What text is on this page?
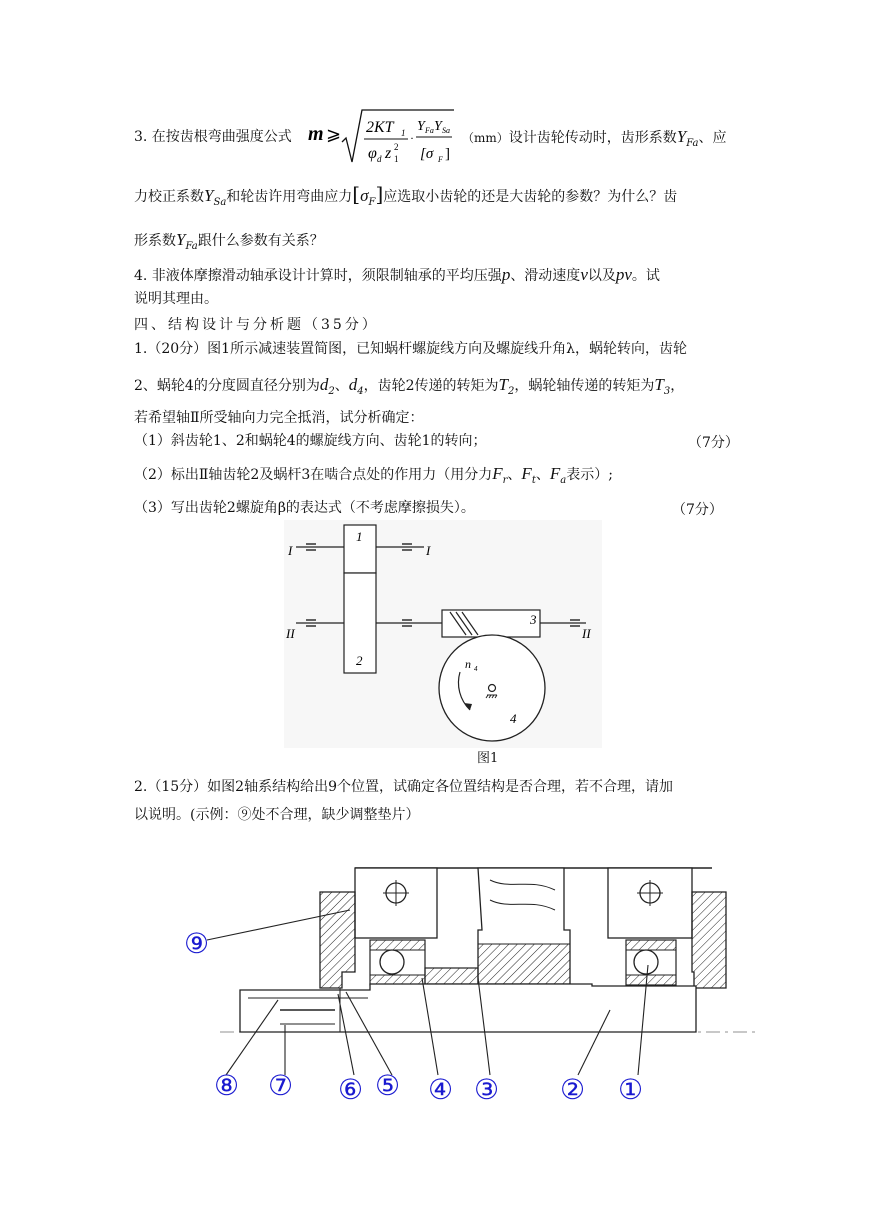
3. 在按齿根弯曲强度公式 m ⩾ 2KT 1
φ d z 2
1
·
Y Fa Y Sa
[σ F ]
（mm）设计齿轮传动时，齿形系数$Y_{Fa}$、应
力校正系数$Y_{Sa}$和轮齿许用弯曲应力$[\sigma_F]$应选取小齿轮的还是大齿轮的参数？为什么？齿
形系数$Y_{Fa}$跟什么参数有关系？
4. 非液体摩擦滑动轴承设计计算时，须限制轴承的平均压强p、滑动速度v以及pv。试
说明其理由。
四、结构设计与分析题（35分）
1.（20分）图1所示减速装置简图，已知蜗杆螺旋线方向及螺旋线升角λ，蜗轮转向，齿轮
2、蜗轮4的分度圆直径分别为$d_2$、$d_4$，齿轮2传递的转矩为$T_2$，蜗轮轴传递的转矩为$T_3$，
若希望轴Ⅱ所受轴向力完全抵消，试分析确定：
（1）斜齿轮1、2和蜗轮4的螺旋线方向、齿轮1的转向；	（7分）
（2）标出Ⅱ轴齿轮2及蜗杆3在啮合点处的作用力（用分力$F_r$、$F_t$、$F_a$表示）;
（3）写出齿轮2螺旋角β的表达式（不考虑摩擦损失）。	（7分）
I	I
1
II	II
2
3
n 4
4
图1
2.（15分）如图2轴系结构给出9个位置，试确定各位置结构是否合理，若不合理，请加
以说明。(示例：⑨处不合理，缺少调整垫片）
⑨
⑧ ⑦ ⑥ ⑤ ④ ③ ② ①
